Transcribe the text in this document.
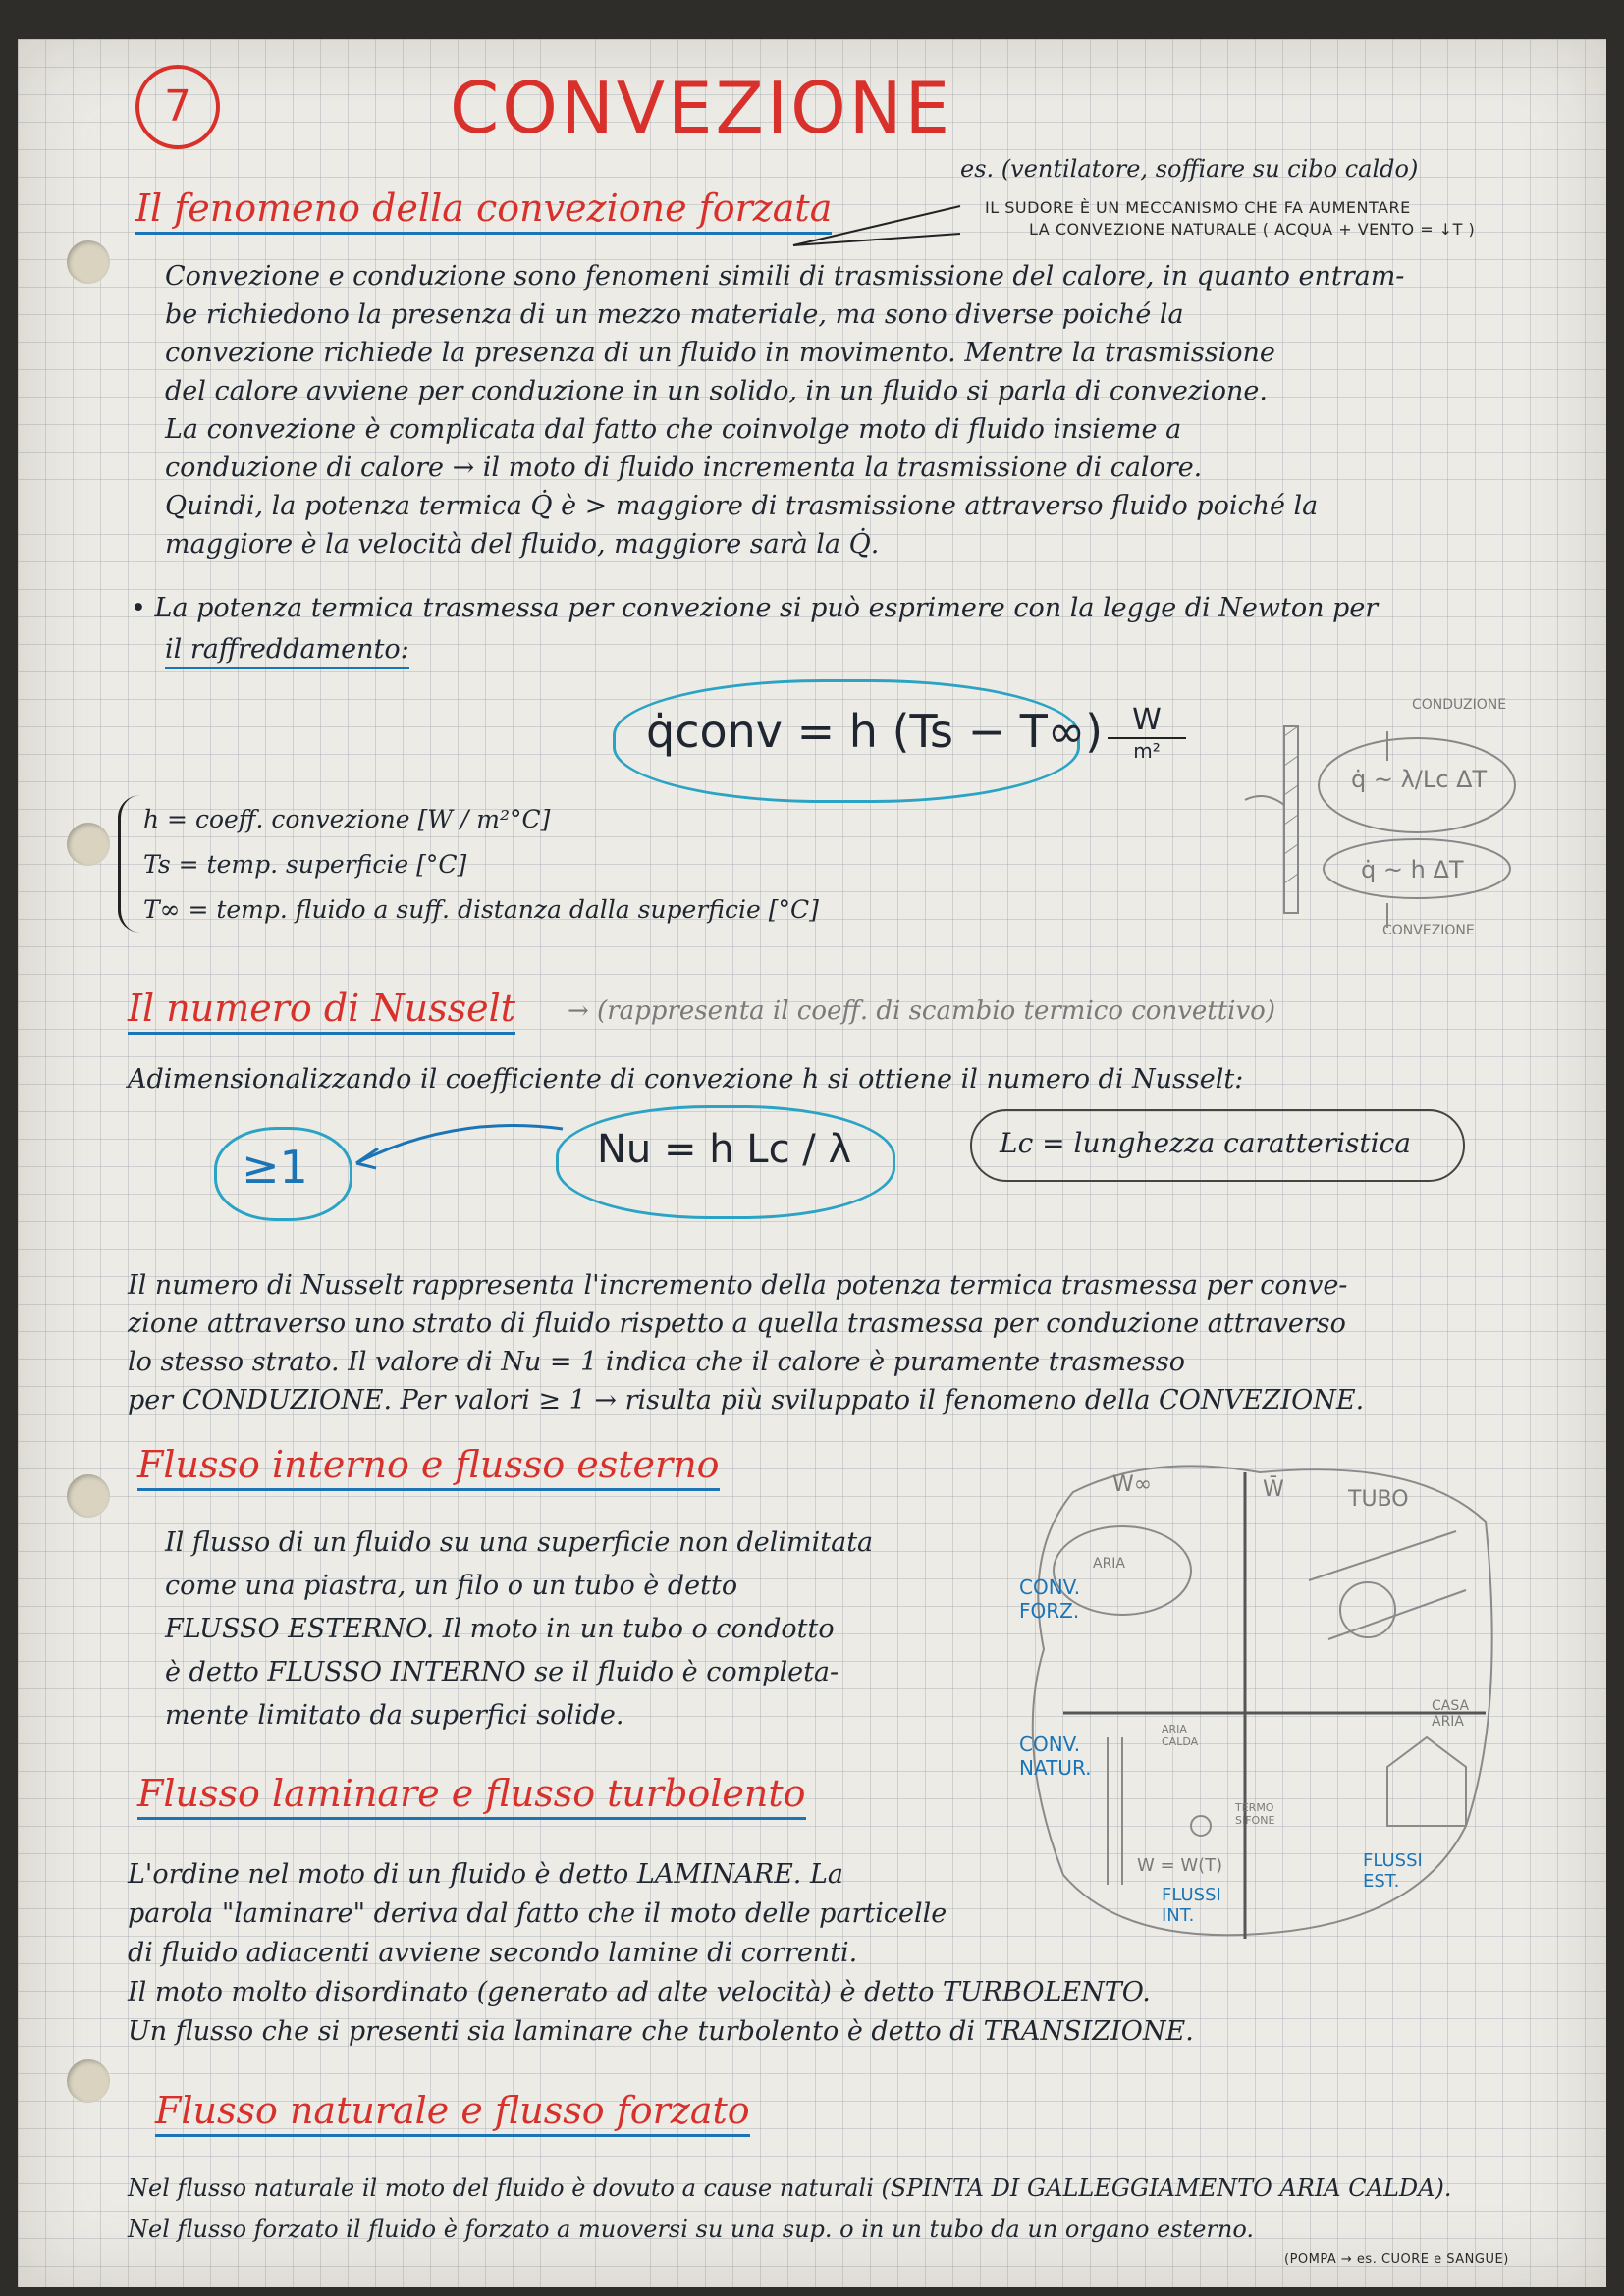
7	CONVEZIONE
Il fenomeno della convezione forzata
es. (ventilatore, soffiare su cibo caldo)
IL SUDORE È UN MECCANISMO CHE FA AUMENTARE
LA CONVEZIONE NATURALE ( ACQUA + VENTO = ↓T )
Convezione e conduzione sono fenomeni simili di trasmissione del calore, in quanto entram-
be richiedono la presenza di un mezzo materiale, ma sono diverse poiché la
convezione richiede la presenza di un fluido in movimento. Mentre la trasmissione
del calore avviene per conduzione in un solido, in un fluido si parla di convezione.
La convezione è complicata dal fatto che coinvolge moto di fluido insieme a
conduzione di calore → il moto di fluido incrementa la trasmissione di calore.
Quindi, la potenza termica Q̇ è > maggiore di trasmissione attraverso fluido poiché la
maggiore è la velocità del fluido, maggiore sarà la Q̇.
• La potenza termica trasmessa per convezione si può esprimere con la legge di Newton per
il raffreddamento:
q̇conv = h (Ts − T∞)	W
m²
h = coeff. convezione [W / m²°C]
Ts = temp. superficie [°C]
T∞ = temp. fluido a suff. distanza dalla superficie [°C]
CONDUZIONE
CONVEZIONE
q̇ ~ λ/Lc ΔT
q̇ ~ h ΔT
Il numero di Nusselt → (rappresenta il coeff. di scambio termico convettivo)
Adimensionalizzando il coefficiente di convezione h si ottiene il numero di Nusselt:
≥1	Nu = h Lc / λ	Lc = lunghezza caratteristica
Il numero di Nusselt rappresenta l'incremento della potenza termica trasmessa per conve-
zione attraverso uno strato di fluido rispetto a quella trasmessa per conduzione attraverso
lo stesso strato. Il valore di Nu = 1 indica che il calore è puramente trasmesso
per CONDUZIONE. Per valori ≥ 1 → risulta più sviluppato il fenomeno della CONVEZIONE.
Flusso interno e flusso esterno
Il flusso di un fluido su una superficie non delimitata
come una piastra, un filo o un tubo è detto
FLUSSO ESTERNO. Il moto in un tubo o condotto
è detto FLUSSO INTERNO se il fluido è completa-
mente limitato da superfici solide.
W∞	W̄	TUBO
ARIA
CONV. FORZ.
CONV. NATUR.
ARIA CALDA
CASA ARIA
TERMO SIFONE
W = W(T)
FLUSSI INT.
FLUSSI EST.
Flusso laminare e flusso turbolento
L'ordine nel moto di un fluido è detto LAMINARE. La
parola "laminare" deriva dal fatto che il moto delle particelle
di fluido adiacenti avviene secondo lamine di correnti.
Il moto molto disordinato (generato ad alte velocità) è detto TURBOLENTO.
Un flusso che si presenti sia laminare che turbolento è detto di TRANSIZIONE.
Flusso naturale e flusso forzato
Nel flusso naturale il moto del fluido è dovuto a cause naturali (SPINTA DI GALLEGGIAMENTO ARIA CALDA).
Nel flusso forzato il fluido è forzato a muoversi su una sup. o in un tubo da un organo esterno.
(POMPA → es. CUORE e SANGUE)
